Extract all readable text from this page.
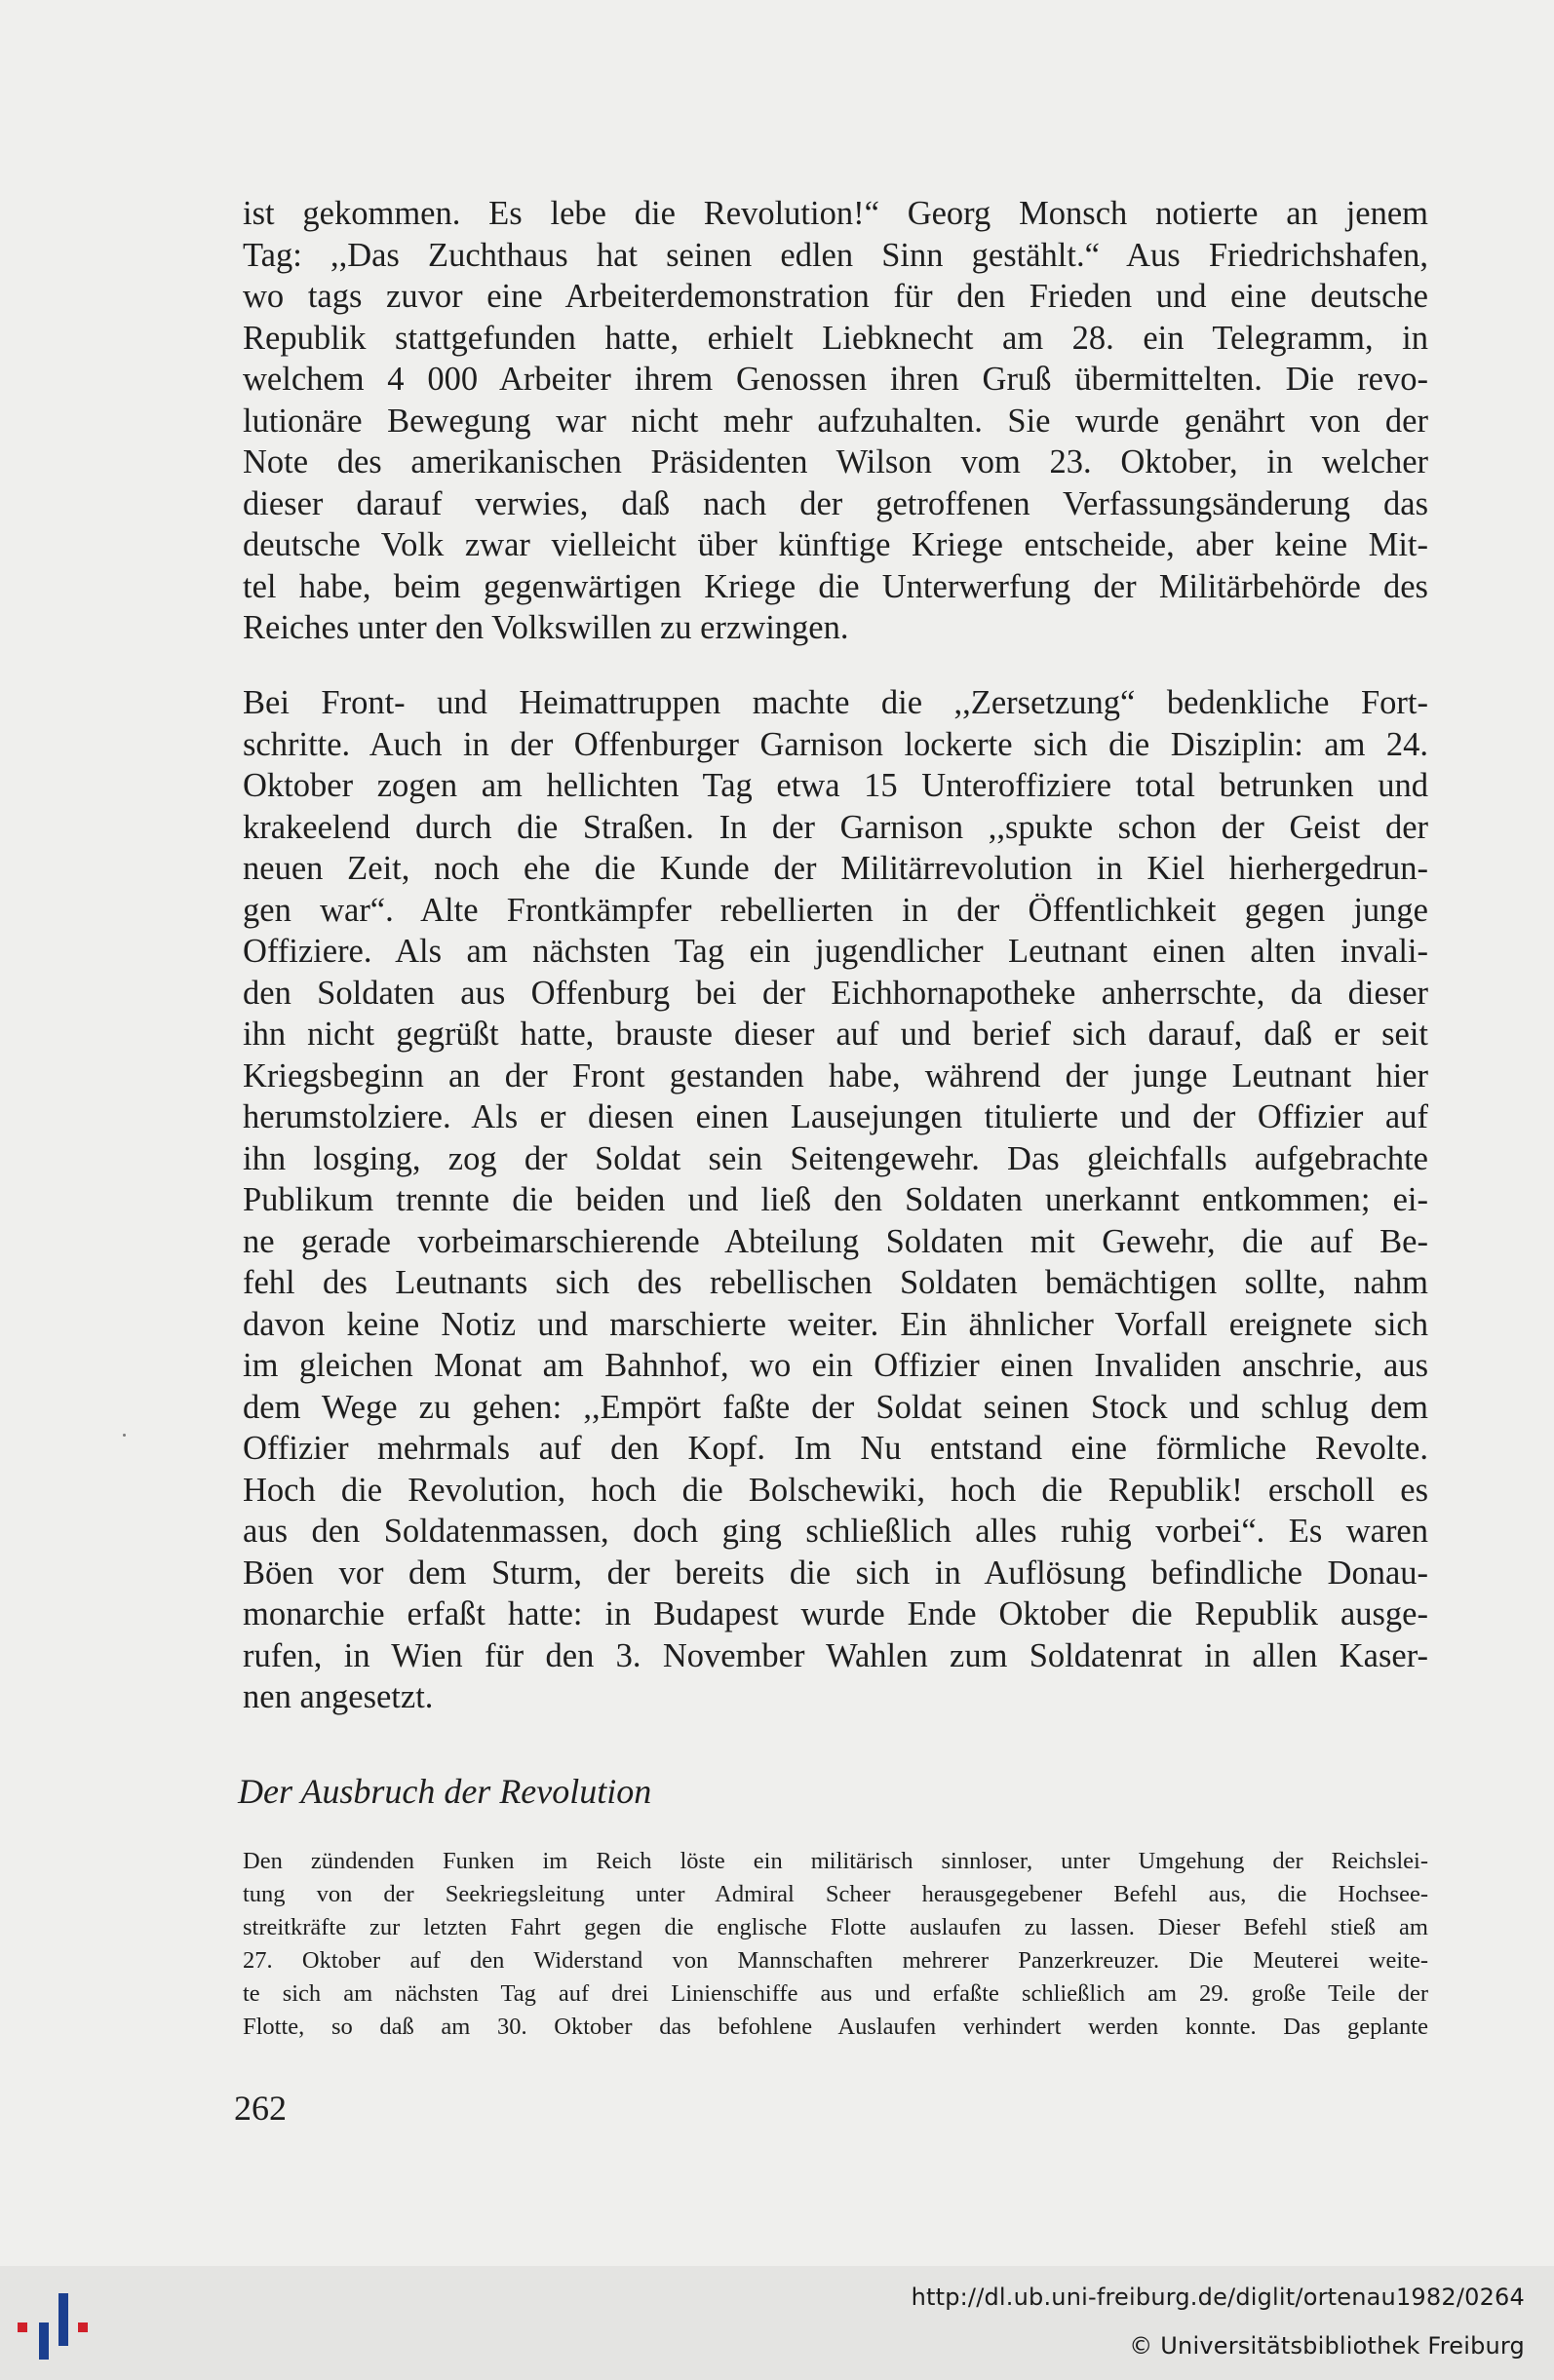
ist gekommen. Es lebe die Revolution!“ Georg Monsch notierte an jenem
Tag: ,,Das Zuchthaus hat seinen edlen Sinn gestählt.“ Aus Friedrichshafen,
wo tags zuvor eine Arbeiterdemonstration für den Frieden und eine deutsche
Republik stattgefunden hatte, erhielt Liebknecht am 28. ein Telegramm, in
welchem 4 000 Arbeiter ihrem Genossen ihren Gruß übermittelten. Die revo-
lutionäre Bewegung war nicht mehr aufzuhalten. Sie wurde genährt von der
Note des amerikanischen Präsidenten Wilson vom 23. Oktober, in welcher
dieser darauf verwies, daß nach der getroffenen Verfassungsänderung das
deutsche Volk zwar vielleicht über künftige Kriege entscheide, aber keine Mit-
tel habe, beim gegenwärtigen Kriege die Unterwerfung der Militärbehörde des
Reiches unter den Volkswillen zu erzwingen.
Bei Front- und Heimattruppen machte die ,,Zersetzung“ bedenkliche Fort-
schritte. Auch in der Offenburger Garnison lockerte sich die Disziplin: am 24.
Oktober zogen am hellichten Tag etwa 15 Unteroffiziere total betrunken und
krakeelend durch die Straßen. In der Garnison ,,spukte schon der Geist der
neuen Zeit, noch ehe die Kunde der Militärrevolution in Kiel hierhergedrun-
gen war“. Alte Frontkämpfer rebellierten in der Öffentlichkeit gegen junge
Offiziere. Als am nächsten Tag ein jugendlicher Leutnant einen alten invali-
den Soldaten aus Offenburg bei der Eichhornapotheke anherrschte, da dieser
ihn nicht gegrüßt hatte, brauste dieser auf und berief sich darauf, daß er seit
Kriegsbeginn an der Front gestanden habe, während der junge Leutnant hier
herumstolziere. Als er diesen einen Lausejungen titulierte und der Offizier auf
ihn losging, zog der Soldat sein Seitengewehr. Das gleichfalls aufgebrachte
Publikum trennte die beiden und ließ den Soldaten unerkannt entkommen; ei-
ne gerade vorbeimarschierende Abteilung Soldaten mit Gewehr, die auf Be-
fehl des Leutnants sich des rebellischen Soldaten bemächtigen sollte, nahm
davon keine Notiz und marschierte weiter. Ein ähnlicher Vorfall ereignete sich
im gleichen Monat am Bahnhof, wo ein Offizier einen Invaliden anschrie, aus
dem Wege zu gehen: ,,Empört faßte der Soldat seinen Stock und schlug dem
Offizier mehrmals auf den Kopf. Im Nu entstand eine förmliche Revolte.
Hoch die Revolution, hoch die Bolschewiki, hoch die Republik! erscholl es
aus den Soldatenmassen, doch ging schließlich alles ruhig vorbei“. Es waren
Böen vor dem Sturm, der bereits die sich in Auflösung befindliche Donau-
monarchie erfaßt hatte: in Budapest wurde Ende Oktober die Republik ausge-
rufen, in Wien für den 3. November Wahlen zum Soldatenrat in allen Kaser-
nen angesetzt.
Der Ausbruch der Revolution
Den zündenden Funken im Reich löste ein militärisch sinnloser, unter Umgehung der Reichslei-
tung von der Seekriegsleitung unter Admiral Scheer herausgegebener Befehl aus, die Hochsee-
streitkräfte zur letzten Fahrt gegen die englische Flotte auslaufen zu lassen. Dieser Befehl stieß am
27. Oktober auf den Widerstand von Mannschaften mehrerer Panzerkreuzer. Die Meuterei weite-
te sich am nächsten Tag auf drei Linienschiffe aus und erfaßte schließlich am 29. große Teile der
Flotte, so daß am 30. Oktober das befohlene Auslaufen verhindert werden konnte. Das geplante

262

http://dl.ub.uni-freiburg.de/diglit/ortenau1982/0264

© Universitätsbibliothek Freiburg
